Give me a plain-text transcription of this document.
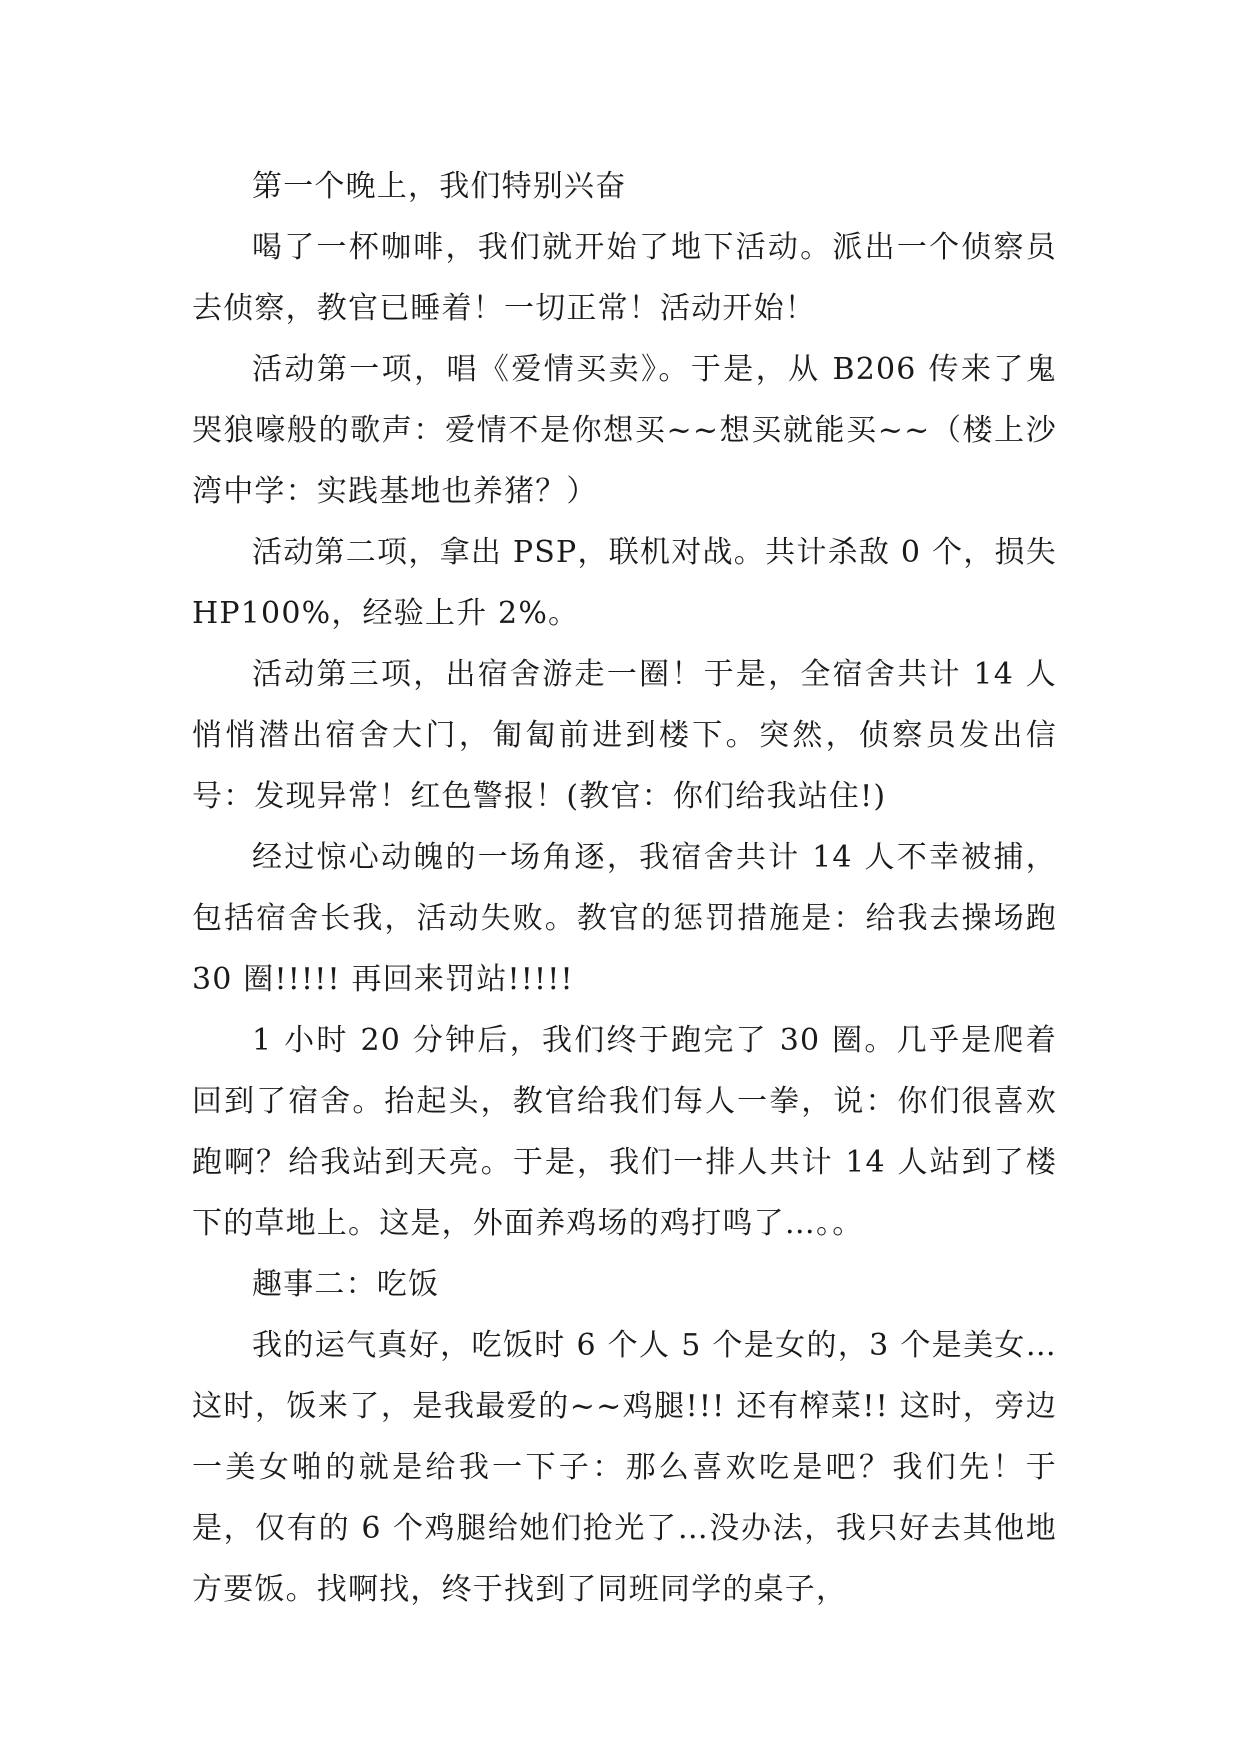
第一个晚上，我们特别兴奋

喝了一杯咖啡，我们就开始了地下活动。派出一个侦察员去侦察，教官已睡着！一切正常！活动开始！

活动第一项，唱《爱情买卖》。于是，从 B206 传来了鬼哭狼嚎般的歌声：爱情不是你想买~~想买就能买~~（楼上沙湾中学：实践基地也养猪？）

活动第二项，拿出 PSP，联机对战。共计杀敌 0 个，损失 HP100%，经验上升 2%。

活动第三项，出宿舍游走一圈！于是，全宿舍共计 14 人悄悄潜出宿舍大门，匍匐前进到楼下。突然，侦察员发出信号：发现异常！红色警报！(教官：你们给我站住!)

经过惊心动魄的一场角逐，我宿舍共计 14 人不幸被捕，包括宿舍长我，活动失败。教官的惩罚措施是：给我去操场跑 30 圈!!!!! 再回来罚站!!!!!

1 小时 20 分钟后，我们终于跑完了 30 圈。几乎是爬着回到了宿舍。抬起头，教官给我们每人一拳，说：你们很喜欢跑啊？给我站到天亮。于是，我们一排人共计 14 人站到了楼下的草地上。这是，外面养鸡场的鸡打鸣了…。。

趣事二：吃饭

我的运气真好，吃饭时 6 个人 5 个是女的，3 个是美女…这时，饭来了，是我最爱的~~鸡腿!!! 还有榨菜!! 这时，旁边一美女啪的就是给我一下子：那么喜欢吃是吧？我们先！于是，仅有的 6 个鸡腿给她们抢光了…没办法，我只好去其他地方要饭。找啊找，终于找到了同班同学的桌子，
